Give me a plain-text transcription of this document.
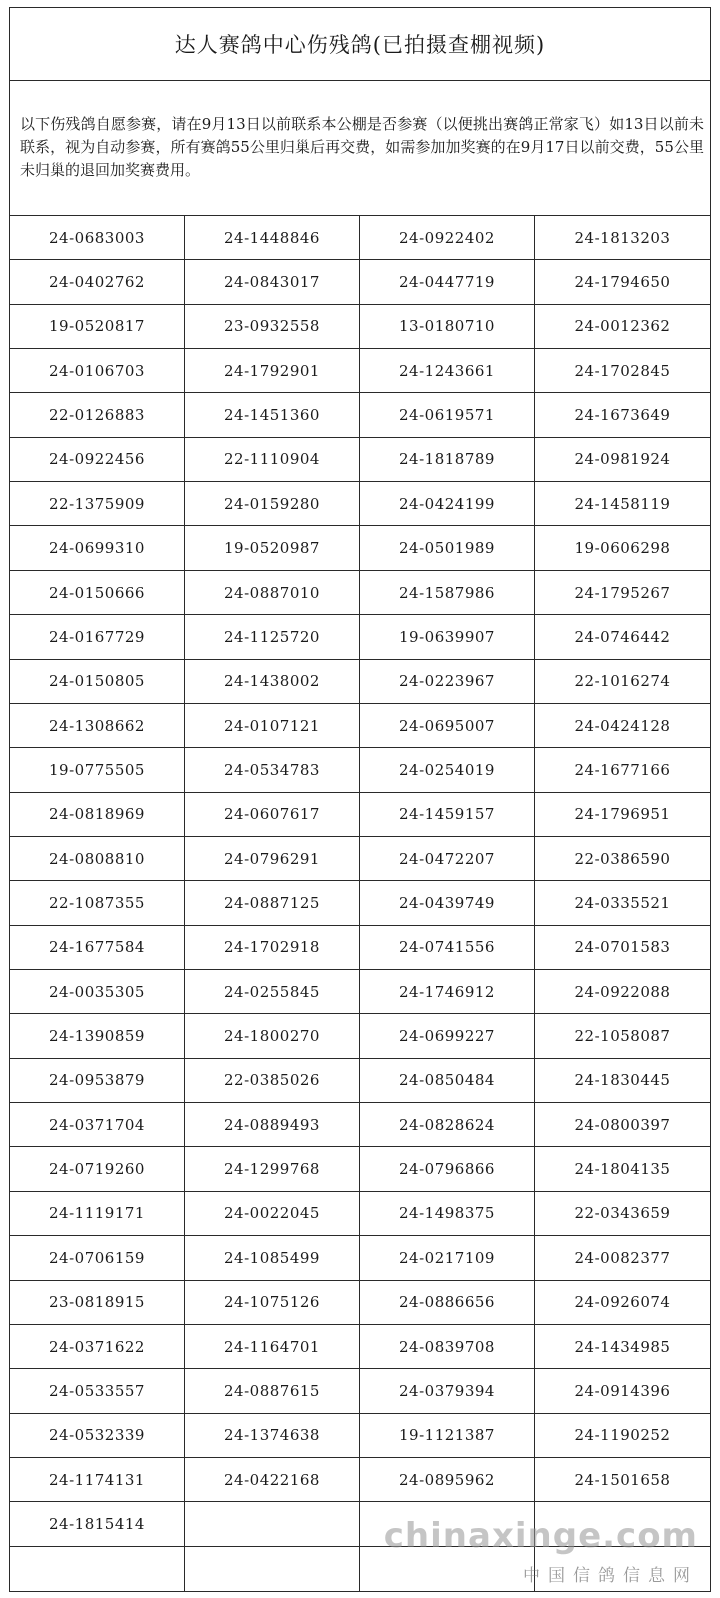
达人赛鸽中心伤残鸽(已拍摄查棚视频)
以下伤残鸽自愿参赛，请在9月13日以前联系本公棚是否参赛（以便挑出赛鸽正常家飞）如13日以前未联系，视为自动参赛，所有赛鸽55公里归巢后再交费，如需参加加奖赛的在9月17日以前交费，55公里未归巢的退回加奖赛费用。
24-0683003	24-1448846	24-0922402	24-1813203
24-0402762	24-0843017	24-0447719	24-1794650
19-0520817	23-0932558	13-0180710	24-0012362
24-0106703	24-1792901	24-1243661	24-1702845
22-0126883	24-1451360	24-0619571	24-1673649
24-0922456	22-1110904	24-1818789	24-0981924
22-1375909	24-0159280	24-0424199	24-1458119
24-0699310	19-0520987	24-0501989	19-0606298
24-0150666	24-0887010	24-1587986	24-1795267
24-0167729	24-1125720	19-0639907	24-0746442
24-0150805	24-1438002	24-0223967	22-1016274
24-1308662	24-0107121	24-0695007	24-0424128
19-0775505	24-0534783	24-0254019	24-1677166
24-0818969	24-0607617	24-1459157	24-1796951
24-0808810	24-0796291	24-0472207	22-0386590
22-1087355	24-0887125	24-0439749	24-0335521
24-1677584	24-1702918	24-0741556	24-0701583
24-0035305	24-0255845	24-1746912	24-0922088
24-1390859	24-1800270	24-0699227	22-1058087
24-0953879	22-0385026	24-0850484	24-1830445
24-0371704	24-0889493	24-0828624	24-0800397
24-0719260	24-1299768	24-0796866	24-1804135
24-1119171	24-0022045	24-1498375	22-0343659
24-0706159	24-1085499	24-0217109	24-0082377
23-0818915	24-1075126	24-0886656	24-0926074
24-0371622	24-1164701	24-0839708	24-1434985
24-0533557	24-0887615	24-0379394	24-0914396
24-0532339	24-1374638	19-1121387	24-1190252
24-1174131	24-0422168	24-0895962	24-1501658
24-1815414	chinaxinge.com
中国信鸽信息网
